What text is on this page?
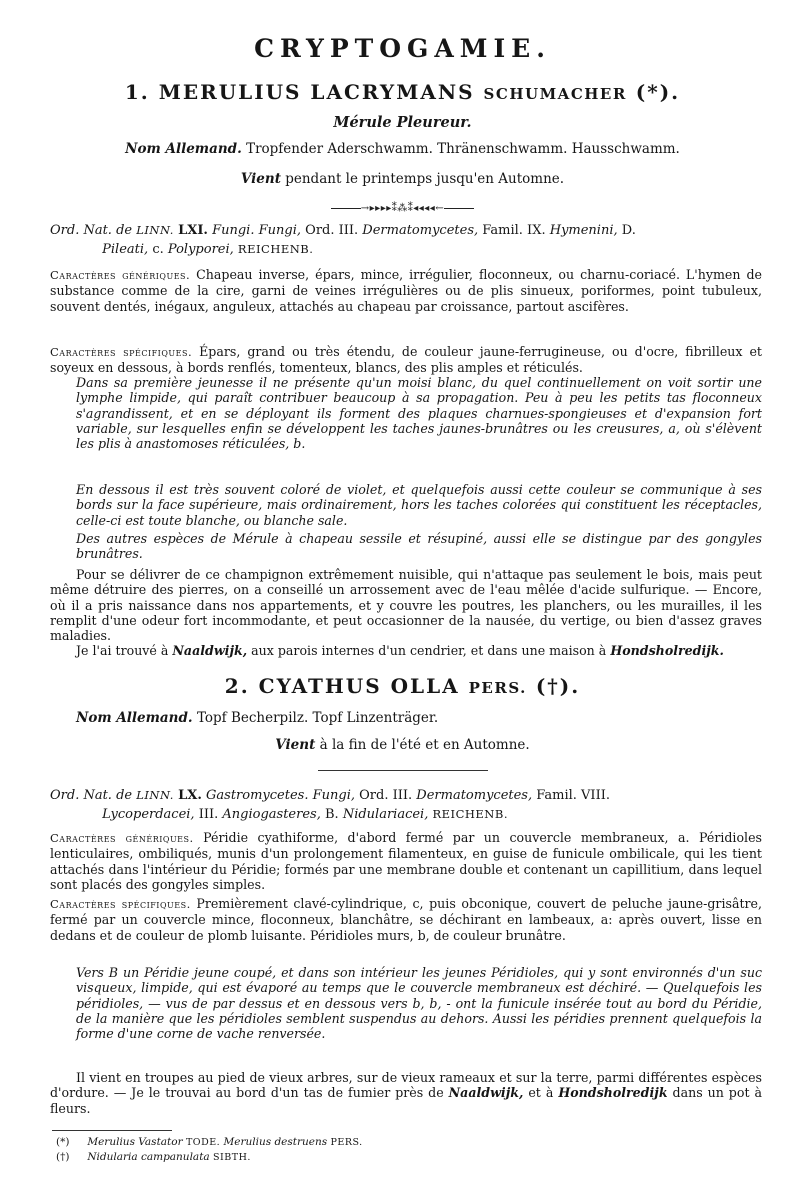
CRYPTOGAMIE.
1. MERULIUS LACRYMANS SCHUMACHER (*).

Mérule Pleureur.

Nom Allemand. Tropfender Aderschwamm. Thränenschwamm. Hausschwamm.

Vient pendant le printemps jusqu'en Automne.

→▸▸▸▸⁑⁂⁑◂◂◂◂←

Ord. Nat. de LINN. LXI. Fungi. Fungi, Ord. III. Dermatomycetes, Famil. IX. Hymenini, D.
Pileati, c. Polyporei, REICHENB.

Caractères génériques. Chapeau inverse, épars, mince, irrégulier, floconneux, ou charnu-coriacé. L'hymen de substance comme de la cire, garni de veines irrégulières ou de plis sinueux, poriformes, point tubuleux, souvent dentés, inégaux, anguleux, attachés au chapeau par croissance, partout ascifères.

Caractères spécifiques. Épars, grand ou très étendu, de couleur jaune-ferrugineuse, ou d'ocre, fibrilleux et soyeux en dessous, à bords renflés, tomenteux, blancs, des plis amples et réticulés.

Dans sa première jeunesse il ne présente qu'un moisi blanc, du quel continuellement on voit sortir une lymphe limpide, qui paraît contribuer beaucoup à sa propagation. Peu à peu les petits tas floconneux s'agrandissent, et en se déployant ils forment des plaques charnues-spongieuses et d'expansion fort variable, sur lesquelles enfin se développent les taches jaunes-brunâtres ou les creusures, a, où s'élèvent les plis à anastomoses réticulées, b.

En dessous il est très souvent coloré de violet, et quelquefois aussi cette couleur se communique à ses bords sur la face supérieure, mais ordinairement, hors les taches colorées qui constituent les réceptacles, celle-ci est toute blanche, ou blanche sale.

Des autres espèces de Mérule à chapeau sessile et résupiné, aussi elle se distingue par des gongyles brunâtres.

Pour se délivrer de ce champignon extrêmement nuisible, qui n'attaque pas seulement le bois, mais peut même détruire des pierres, on a conseillé un arrossement avec de l'eau mêlée d'acide sulfurique. — Encore, où il a pris naissance dans nos appartements, et y couvre les poutres, les planchers, ou les murailles, il les remplit d'une odeur fort incommodante, et peut occasionner de la nausée, du vertige, ou bien d'assez graves maladies.

Je l'ai trouvé à Naaldwijk, aux parois internes d'un cendrier, et dans une maison à Hondsholredijk.

2. CYATHUS OLLA PERS. (†).

Nom Allemand. Topf Becherpilz. Topf Linzenträger.

Vient à la fin de l'été et en Automne.

Ord. Nat. de LINN. LX. Gastromycetes. Fungi, Ord. III. Dermatomycetes, Famil. VIII.
Lycoperdacei, III. Angiogasteres, B. Nidulariacei, REICHENB.

Caractères génériques. Péridie cyathiforme, d'abord fermé par un couvercle membraneux, a. Péridioles lenticulaires, ombiliqués, munis d'un prolongement filamenteux, en guise de funicule ombilicale, qui les tient attachés dans l'intérieur du Péridie; formés par une membrane double et contenant un capillitium, dans lequel sont placés des gongyles simples.

Caractères spécifiques. Premièrement clavé-cylindrique, c, puis obconique, couvert de peluche jaune-grisâtre, fermé par un couvercle mince, floconneux, blanchâtre, se déchirant en lambeaux, a: après ouvert, lisse en dedans et de couleur de plomb luisante. Péridioles murs, b, de couleur brunâtre.

Vers B un Péridie jeune coupé, et dans son intérieur les jeunes Péridioles, qui y sont environnés d'un suc visqueux, limpide, qui est évaporé au temps que le couvercle membraneux est déchiré. — Quelquefois les péridioles, — vus de par dessus et en dessous vers b, b, - ont la funicule insérée tout au bord du Péridie, de la manière que les péridioles semblent suspendus au dehors. Aussi les péridies prennent quelquefois la forme d'une corne de vache renversée.

Il vient en troupes au pied de vieux arbres, sur de vieux rameaux et sur la terre, parmi différentes espèces d'ordure. — Je le trouvai au bord d'un tas de fumier près de Naaldwijk, et à Hondsholredijk dans un pot à fleurs.

(*) Merulius Vastator TODE. Merulius destruens PERS.

(†) Nidularia campanulata SIBTH.
